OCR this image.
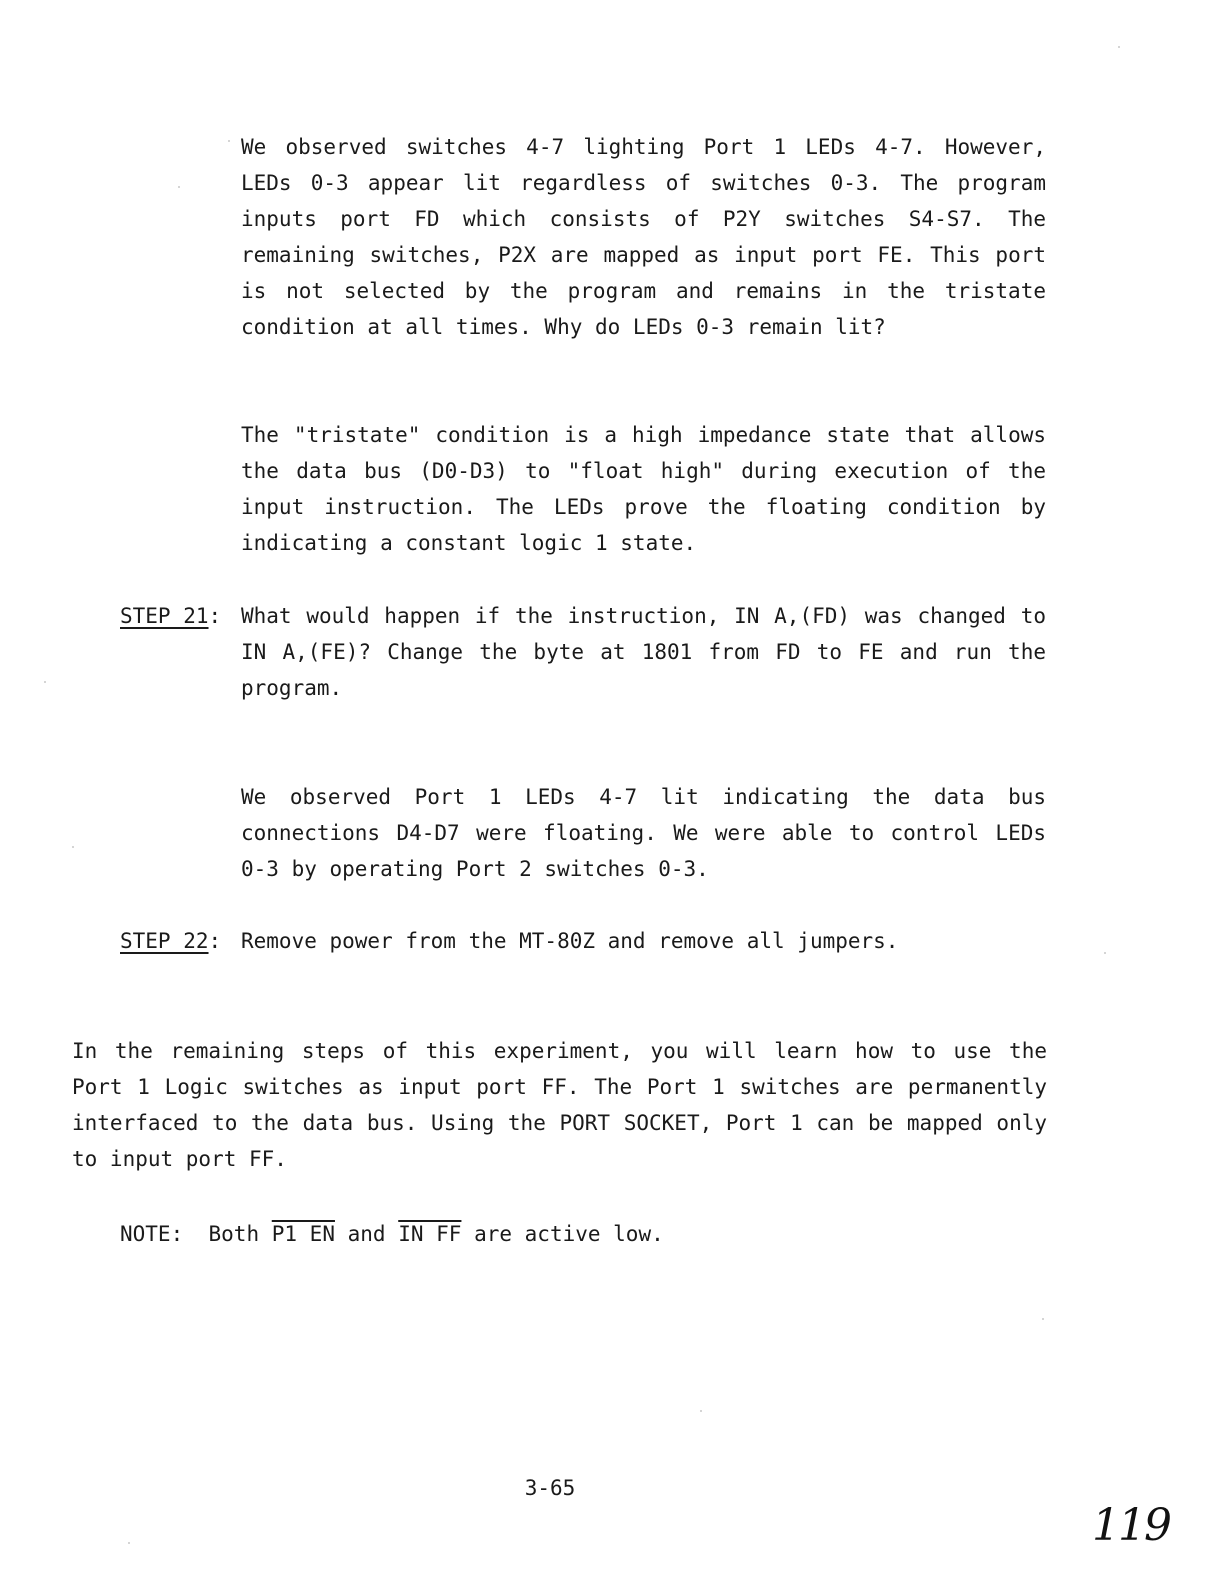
We observed switches 4-7 lighting Port 1 LEDs 4-7. However,
LEDs 0-3 appear lit regardless of switches 0-3. The program
inputs port FD which consists of P2Y switches S4-S7. The
remaining switches, P2X are mapped as input port FE. This port
is not selected by the program and remains in the tristate
condition at all times. Why do LEDs 0-3 remain lit?
The "tristate" condition is a high impedance state that allows
the data bus (D0-D3) to "float high" during execution of the
input instruction. The LEDs prove the floating condition by
indicating a constant logic 1 state.
STEP 21: What would happen if the instruction, IN A,(FD) was changed to
IN A,(FE)? Change the byte at 1801 from FD to FE and run the
program.
We observed Port 1 LEDs 4-7 lit indicating the data bus
connections D4-D7 were floating. We were able to control LEDs
0-3 by operating Port 2 switches 0-3.
STEP 22: Remove power from the MT-80Z and remove all jumpers.
In the remaining steps of this experiment, you will learn how to use the
Port 1 Logic switches as input port FF. The Port 1 switches are permanently
interfaced to the data bus. Using the PORT SOCKET, Port 1 can be mapped only
to input port FF.
NOTE: Both P1 EN and IN FF are active low.
3-65
119
